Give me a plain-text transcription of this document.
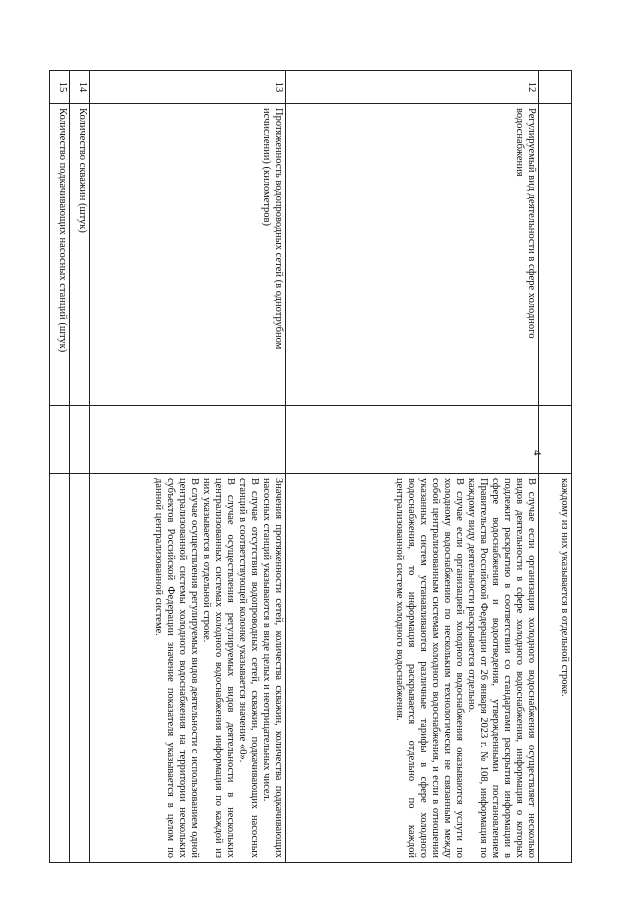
4

			каждому из них указывается в отдельной строке.

12	Регулируемый вид деятельности в сфере холодного водоснабжения		В случае если организация холодного водоснабжения осуществляет несколько видов деятельности в сфере холодного водоснабжения, информация о которых подлежит раскрытию в соответствии со стандартами раскрытия информации в сфере водоснабжения и водоотведения, утвержденными постановлением Правительства Российской Федерации от 26 января 2023 г. № 108, информация по каждому виду деятельности раскрывается отдельно.

В случае если организацией холодного водоснабжения оказываются услуги по холодному водоснабжению по нескольким технологически не связанным между собой централизованным системам холодного водоснабжения, и если в отношении указанных систем устанавливаются различные тарифы в сфере холодного водоснабжения, то информация раскрывается отдельно по каждой централизованной системе холодного водоснабжения.

13	Протяженность водопроводных сетей (в однотрубном исчислении) (километров)		Значения протяженности сетей, количества скважин, количества подкачивающих насосных станций указываются в виде целых и неотрицательных чисел.

В случае отсутствия водопроводных сетей, скважин, подкачивающих насосных станций в соответствующей колонке указывается значение «0».

В случае осуществления регулируемых видов деятельности в нескольких централизованных системах холодного водоснабжения информация по каждой из них указывается в отдельной строке.

В случае осуществления регулируемых видов деятельности с использованием одной централизованной системы холодного водоснабжения на территории нескольких субъектов Российской Федерации значение показателя указывается в целом по данной централизованной системе.

14	Количество скважин (штук)		
15	Количество подкачивающих насосных станций (штук)		
